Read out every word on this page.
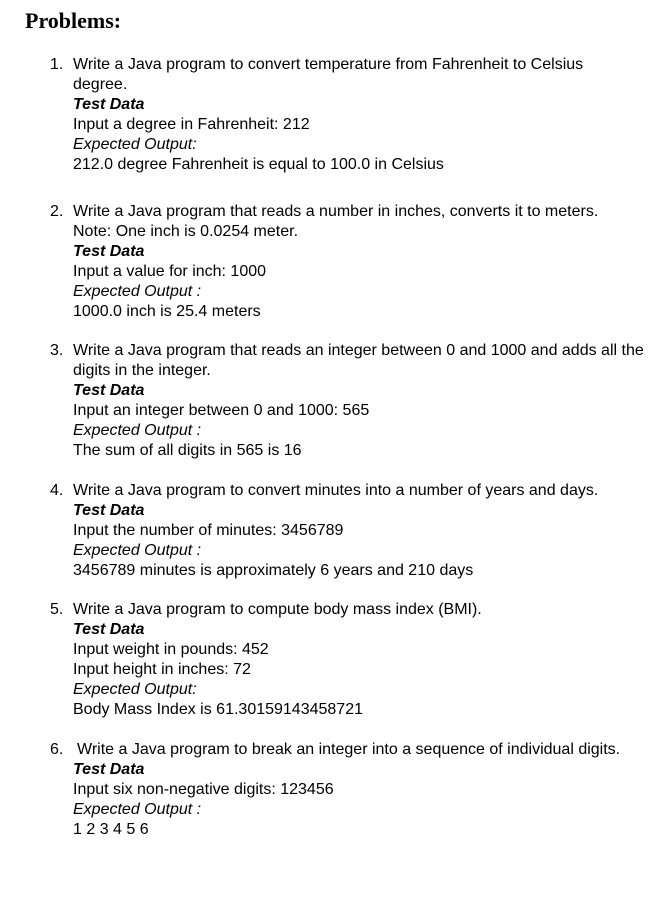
Problems:
1. Write a Java program to convert temperature from Fahrenheit to Celsius degree.
Test Data
Input a degree in Fahrenheit: 212
Expected Output:
212.0 degree Fahrenheit is equal to 100.0 in Celsius
2. Write a Java program that reads a number in inches, converts it to meters.
Note: One inch is 0.0254 meter.
Test Data
Input a value for inch: 1000
Expected Output :
1000.0 inch is 25.4 meters
3. Write a Java program that reads an integer between 0 and 1000 and adds all the digits in the integer.
Test Data
Input an integer between 0 and 1000: 565
Expected Output :
The sum of all digits in 565 is 16
4. Write a Java program to convert minutes into a number of years and days.
Test Data
Input the number of minutes: 3456789
Expected Output :
3456789 minutes is approximately 6 years and 210 days
5. Write a Java program to compute body mass index (BMI).
Test Data
Input weight in pounds: 452
Input height in inches: 72
Expected Output:
Body Mass Index is 61.30159143458721
6. Write a Java program to break an integer into a sequence of individual digits.
Test Data
Input six non-negative digits: 123456
Expected Output :
1 2 3 4 5 6
